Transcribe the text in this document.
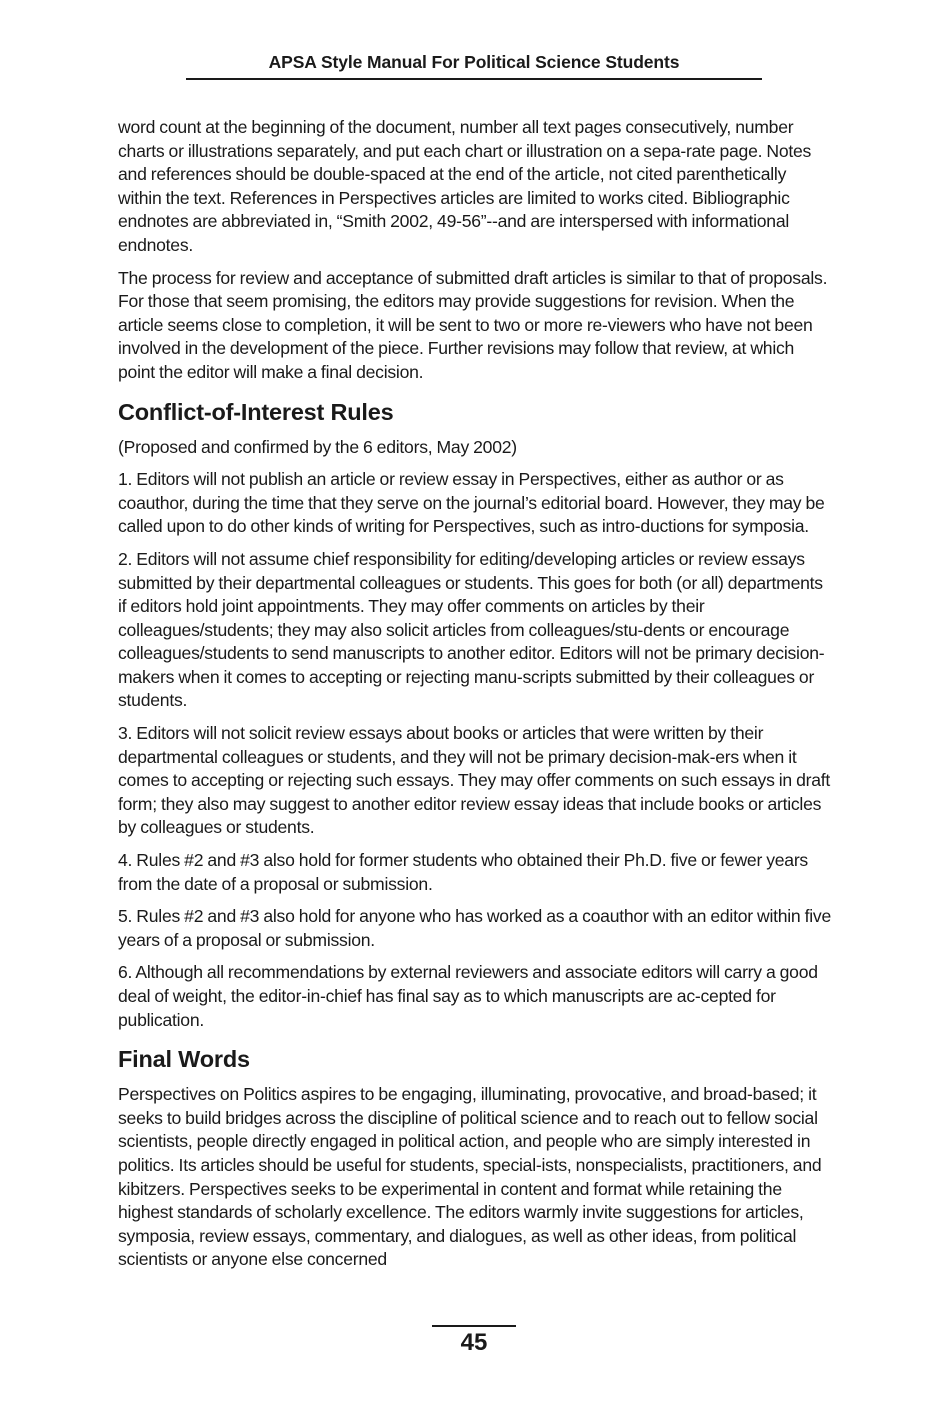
APSA Style Manual For Political Science Students

word count at the beginning of the document, number all text pages consecutively, number charts or illustrations separately, and put each chart or illustration on a sepa-rate page. Notes and references should be double-spaced at the end of the article, not cited parenthetically within the text. References in Perspectives articles are limited to works cited. Bibliographic endnotes are abbreviated in, “Smith 2002, 49-56”--and are interspersed with informational endnotes.

The process for review and acceptance of submitted draft articles is similar to that of proposals. For those that seem promising, the editors may provide suggestions for revision. When the article seems close to completion, it will be sent to two or more re-viewers who have not been involved in the development of the piece. Further revisions may follow that review, at which point the editor will make a final decision.

Conflict-of-Interest Rules

(Proposed and confirmed by the 6 editors, May 2002)

1. Editors will not publish an article or review essay in Perspectives, either as author or as coauthor, during the time that they serve on the journal’s editorial board. However, they may be called upon to do other kinds of writing for Perspectives, such as intro-ductions for symposia.

2. Editors will not assume chief responsibility for editing/developing articles or review essays submitted by their departmental colleagues or students. This goes for both (or all) departments if editors hold joint appointments. They may offer comments on articles by their colleagues/students; they may also solicit articles from colleagues/stu-dents or encourage colleagues/students to send manuscripts to another editor. Editors will not be primary decision-makers when it comes to accepting or rejecting manu-scripts submitted by their colleagues or students.

3. Editors will not solicit review essays about books or articles that were written by their departmental colleagues or students, and they will not be primary decision-mak-ers when it comes to accepting or rejecting such essays. They may offer comments on such essays in draft form; they also may suggest to another editor review essay ideas that include books or articles by colleagues or students.

4. Rules #2 and #3 also hold for former students who obtained their Ph.D. five or fewer years from the date of a proposal or submission.

5. Rules #2 and #3 also hold for anyone who has worked as a coauthor with an editor within five years of a proposal or submission.

6. Although all recommendations by external reviewers and associate editors will carry a good deal of weight, the editor-in-chief has final say as to which manuscripts are ac-cepted for publication.

Final Words

Perspectives on Politics aspires to be engaging, illuminating, provocative, and broad-based; it seeks to build bridges across the discipline of political science and to reach out to fellow social scientists, people directly engaged in political action, and people who are simply interested in politics. Its articles should be useful for students, special-ists, nonspecialists, practitioners, and kibitzers. Perspectives seeks to be experimental in content and format while retaining the highest standards of scholarly excellence. The editors warmly invite suggestions for articles, symposia, review essays, commentary, and dialogues, as well as other ideas, from political scientists or anyone else concerned

45
